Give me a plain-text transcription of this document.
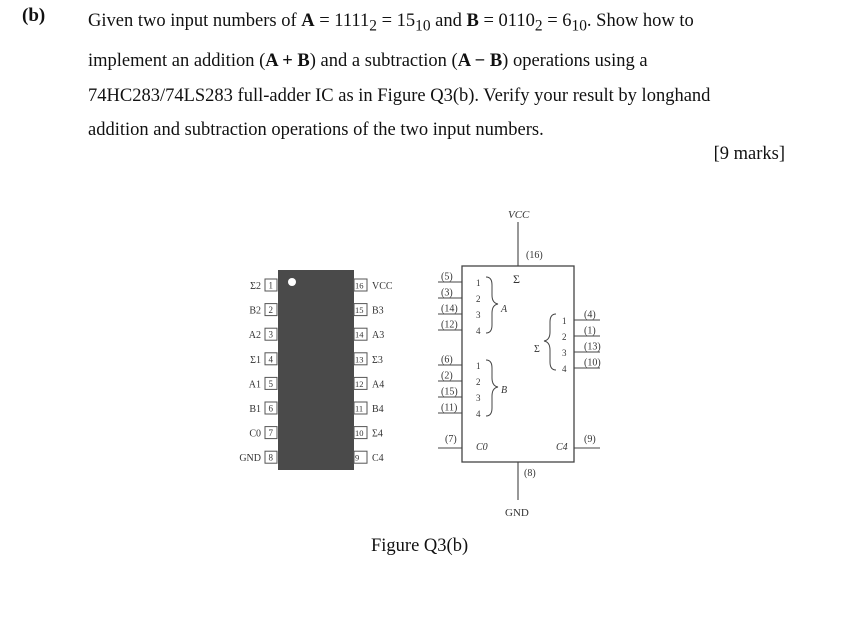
(b) Given two input numbers of $A = 1111_2 = 15_{10}$ and $B = 0110_2 = 6_{10}$. Show how to
implement an addition (A + B) and a subtraction (A − B) operations using a
74HC283/74LS283 full-adder IC as in Figure Q3(b). Verify your result by longhand
addition and subtraction operations of the two input numbers.
[9 marks]
1
Σ2
2
B2
3
A2
4
Σ1
5
A1
6
B1
7
C0
8
GND
16 VCC
15 B3
14 A3
13 Σ3
12 A4
11 B4
10 Σ4
9 C4
VCC
(16)
Σ
(8)
GND
(5)
1
(3)
2
(14)
3
(12)
4
(6)
1
(2)
2
(15)
3
(11)
4
(4)
1
(1)
2
(13)
3
(10)
4
A
B
Σ
(7)
C0
(9)
C4
Figure Q3(b)
